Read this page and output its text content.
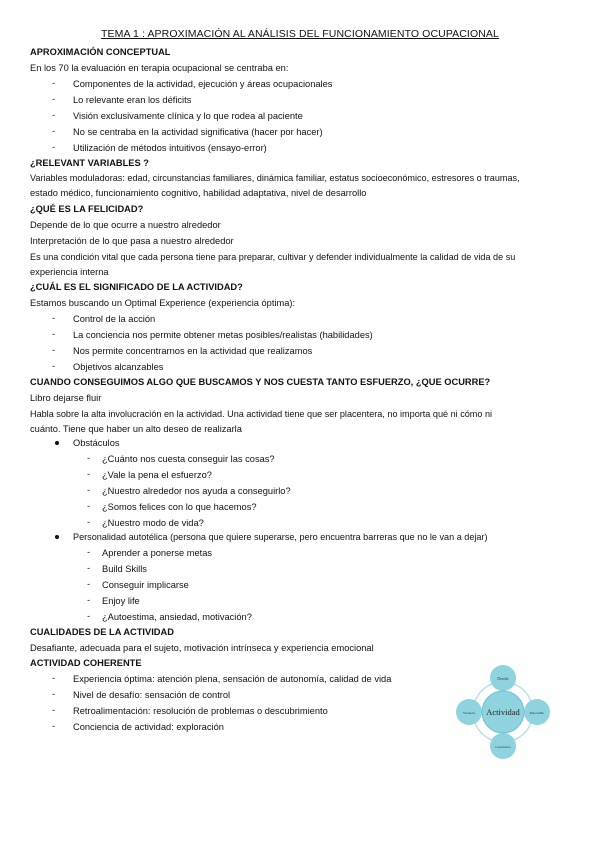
TEMA 1 : APROXIMACIÓN AL ANÁLISIS DEL FUNCIONAMIENTO OCUPACIONAL
APROXIMACIÓN CONCEPTUAL
En los 70 la evaluación en terapia ocupacional se centraba en:
- Componentes de la actividad, ejecución y áreas ocupacionales
- Lo relevante eran los déficits
- Visión exclusivamente clínica y lo que rodea al paciente
- No se centraba en la actividad significativa (hacer por hacer)
- Utilización de métodos intuitivos (ensayo-error)
¿RELEVANT VARIABLES ?
Variables moduladoras: edad, circunstancias familiares, dinámica familiar, estatus socioeconómico, estresores o traumas,
estado médico, funcionamiento cognitivo, habilidad adaptativa, nivel de desarrollo
¿QUÉ ES LA FELICIDAD?
Depende de lo que ocurre a nuestro alrededor
Interpretación de lo que pasa a nuestro alrededor
Es una condición vital que cada persona tiene para preparar, cultivar y defender individualmente la calidad de vida de su
experiencia interna
¿CUÁL ES EL SIGNIFICADO DE LA ACTIVIDAD?
Estamos buscando un Optimal Experience (experiencia óptima):
- Control de la acción
- La conciencia nos permite obtener metas posibles/realistas (habilidades)
- Nos permite concentrarnos en la actividad que realizamos
- Objetivos alcanzables
CUANDO CONSEGUIMOS ALGO QUE BUSCAMOS Y NOS CUESTA TANTO ESFUERZO, ¿QUE OCURRE?
Libro dejarse fluir
Habla sobre la alta involucración en la actividad. Una actividad tiene que ser placentera, no importa qué ni cómo ni
cuánto. Tiene que haber un alto deseo de realizarla
Obstáculos
- ¿Cuánto nos cuesta conseguir las cosas?
- ¿Vale la pena el esfuerzo?
- ¿Nuestro alrededor nos ayuda a conseguirlo?
- ¿Somos felices con lo que hacemos?
- ¿Nuestro modo de vida?
Personalidad autotélica (persona que quiere superarse, pero encuentra barreras que no le van a dejar)
- Aprender a ponerse metas
- Build Skills
- Conseguir implicarse
- Enjoy life
- ¿Autoestima, ansiedad, motivación?
CUALIDADES DE LA ACTIVIDAD
Desafiante, adecuada para el sujeto, motivación intrínseca y experiencia emocional
ACTIVIDAD COHERENTE
- Experiencia óptima: atención plena, sensación de autonomía, calidad de vida
- Nivel de desafío: sensación de control
- Retroalimentación: resolución de problemas o descubrimiento
- Conciencia de actividad: exploración
Actividad
Desafío
Retroalim.
Conciencia
Vivencia
